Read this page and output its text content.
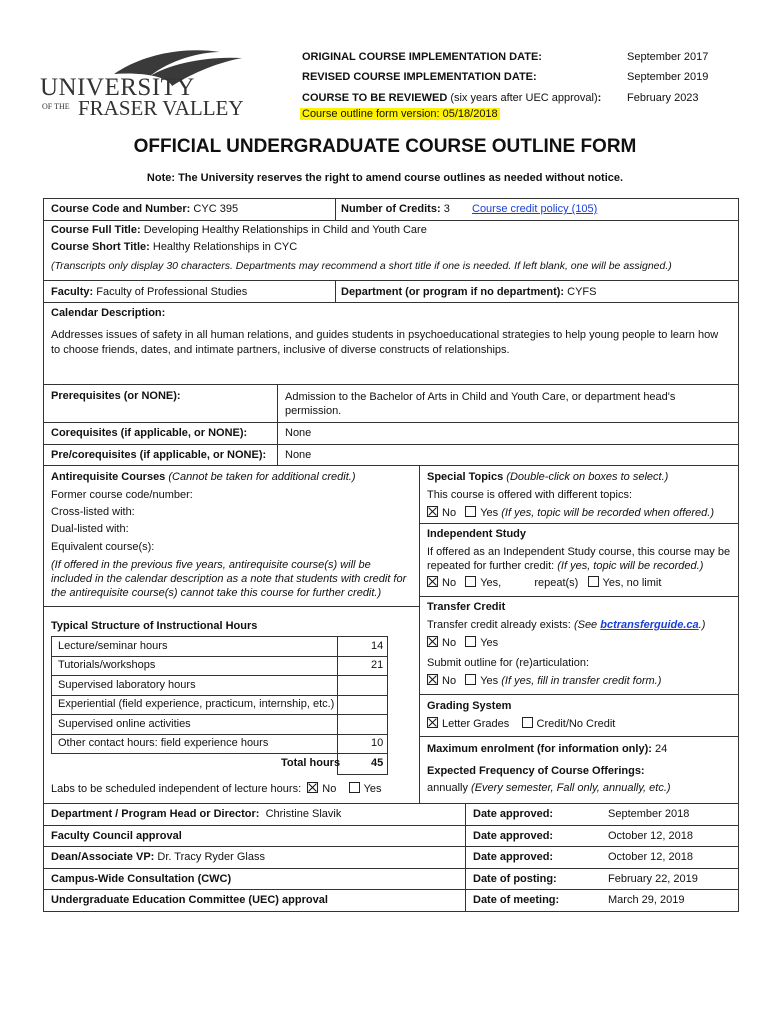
UNIVERSITY
OF THE FRASER VALLEY
ORIGINAL COURSE IMPLEMENTATION DATE:	September 2017
REVISED COURSE IMPLEMENTATION DATE:	September 2019
COURSE TO BE REVIEWED (six years after UEC approval): February 2023
Course outline form version: 05/18/2018
OFFICIAL UNDERGRADUATE COURSE OUTLINE FORM
Note: The University reserves the right to amend course outlines as needed without notice.
Course Code and Number: CYC 395	Number of Credits: 3 Course credit policy (105)
Course Full Title: Developing Healthy Relationships in Child and Youth Care
Course Short Title: Healthy Relationships in CYC
(Transcripts only display 30 characters. Departments may recommend a short title if one is needed. If left blank, one will be assigned.)
Faculty: Faculty of Professional Studies	Department (or program if no department): CYFS
Calendar Description:
Addresses issues of safety in all human relations, and guides students in psychoeducational strategies to help young people to learn how to choose friends, dates, and intimate partners, inclusive of diverse constructs of relationships.
Prerequisites (or NONE):	Admission to the Bachelor of Arts in Child and Youth Care, or department head's permission.
Corequisites (if applicable, or NONE):	None
Pre/corequisites (if applicable, or NONE): None
Antirequisite Courses (Cannot be taken for additional credit.)
Former course code/number:
Cross-listed with:
Dual-listed with:
Equivalent course(s):
(If offered in the previous five years, antirequisite course(s) will be included in the calendar description as a note that students with credit for the antirequisite course(s) cannot take this course for further credit.)
Special Topics (Double-click on boxes to select.)
This course is offered with different topics:
No Yes (If yes, topic will be recorded when offered.)
Independent Study
If offered as an Independent Study course, this course may be repeated for further credit: (If yes, topic will be recorded.)
No Yes,	repeat(s) Yes, no limit
Transfer Credit
Transfer credit already exists: (See bctransferguide.ca.)
No Yes
Submit outline for (re)articulation:
No Yes (If yes, fill in transfer credit form.)
Grading System
Letter Grades Credit/No Credit
Maximum enrolment (for information only): 24
Expected Frequency of Course Offerings:
annually (Every semester, Fall only, annually, etc.)
Typical Structure of Instructional Hours
Lecture/seminar hours	14
Tutorials/workshops	21
Supervised laboratory hours
Experiential (field experience, practicum, internship, etc.)
Supervised online activities
Other contact hours: field experience hours	10
Total hours	45
Labs to be scheduled independent of lecture hours: No Yes
Department / Program Head or Director: Christine Slavik	Date approved:	September 2018
Faculty Council approval	Date approved:	October 12, 2018
Dean/Associate VP: Dr. Tracy Ryder Glass	Date approved:	October 12, 2018
Campus-Wide Consultation (CWC)	Date of posting:	February 22, 2019
Undergraduate Education Committee (UEC) approval	Date of meeting:	March 29, 2019
